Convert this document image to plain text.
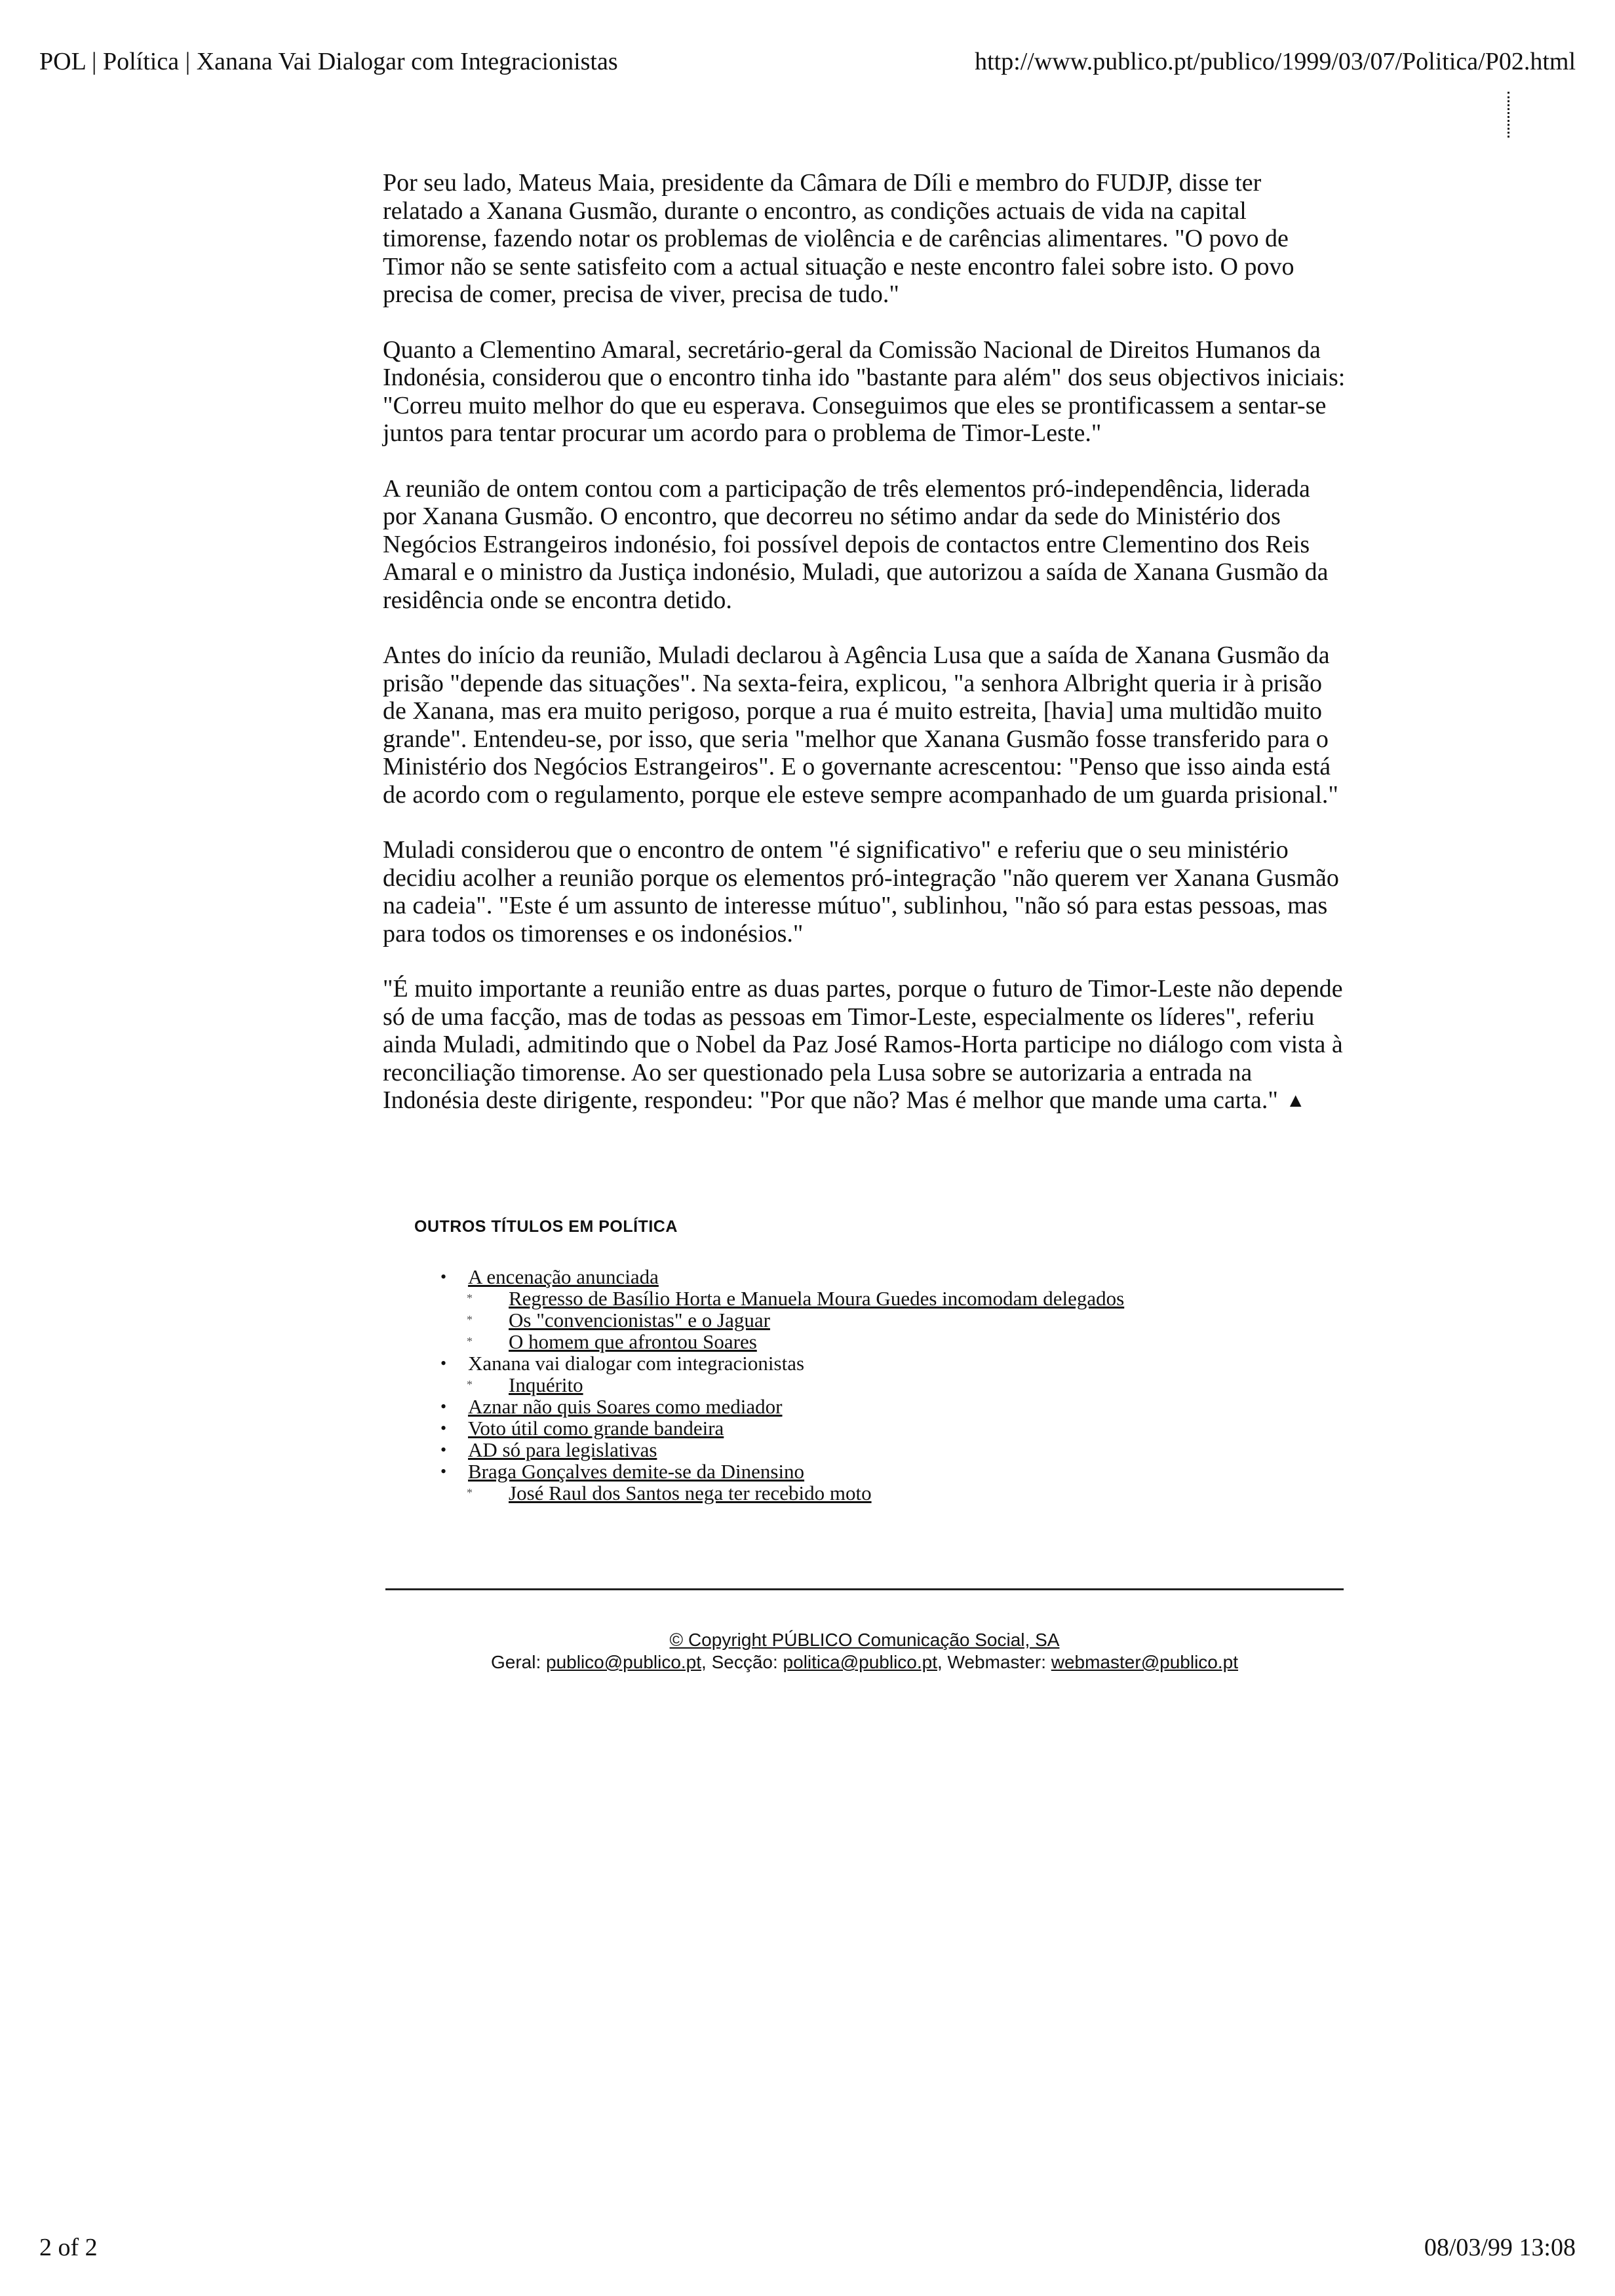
POL | Política | Xanana Vai Dialogar com Integracionistas	http://www.publico.pt/publico/1999/03/07/Politica/P02.html

Por seu lado, Mateus Maia, presidente da Câmara de Díli e membro do FUDJP, disse ter relatado a Xanana Gusmão, durante o encontro, as condições actuais de vida na capital timorense, fazendo notar os problemas de violência e de carências alimentares. "O povo de Timor não se sente satisfeito com a actual situação e neste encontro falei sobre isto. O povo precisa de comer, precisa de viver, precisa de tudo."

Quanto a Clementino Amaral, secretário-geral da Comissão Nacional de Direitos Humanos da Indonésia, considerou que o encontro tinha ido "bastante para além" dos seus objectivos iniciais: "Correu muito melhor do que eu esperava. Conseguimos que eles se prontificassem a sentar-se juntos para tentar procurar um acordo para o problema de Timor-Leste."

A reunião de ontem contou com a participação de três elementos pró-independência, liderada por Xanana Gusmão. O encontro, que decorreu no sétimo andar da sede do Ministério dos Negócios Estrangeiros indonésio, foi possível depois de contactos entre Clementino dos Reis Amaral e o ministro da Justiça indonésio, Muladi, que autorizou a saída de Xanana Gusmão da residência onde se encontra detido.

Antes do início da reunião, Muladi declarou à Agência Lusa que a saída de Xanana Gusmão da prisão "depende das situações". Na sexta-feira, explicou, "a senhora Albright queria ir à prisão de Xanana, mas era muito perigoso, porque a rua é muito estreita, [havia] uma multidão muito grande". Entendeu-se, por isso, que seria "melhor que Xanana Gusmão fosse transferido para o Ministério dos Negócios Estrangeiros". E o governante acrescentou: "Penso que isso ainda está de acordo com o regulamento, porque ele esteve sempre acompanhado de um guarda prisional."

Muladi considerou que o encontro de ontem "é significativo" e referiu que o seu ministério decidiu acolher a reunião porque os elementos pró-integração "não querem ver Xanana Gusmão na cadeia". "Este é um assunto de interesse mútuo", sublinhou, "não só para estas pessoas, mas para todos os timorenses e os indonésios."

"É muito importante a reunião entre as duas partes, porque o futuro de Timor-Leste não depende só de uma facção, mas de todas as pessoas em Timor-Leste, especialmente os líderes", referiu ainda Muladi, admitindo que o Nobel da Paz José Ramos-Horta participe no diálogo com vista à reconciliação timorense. Ao ser questionado pela Lusa sobre se autorizaria a entrada na Indonésia deste dirigente, respondeu: "Por que não? Mas é melhor que mande uma carta." ▲

OUTROS TÍTULOS EM POLÍTICA
• A encenação anunciada
* Regresso de Basílio Horta e Manuela Moura Guedes incomodam delegados
* Os "convencionistas" e o Jaguar
* O homem que afrontou Soares
• Xanana vai dialogar com integracionistas
* Inquérito
• Aznar não quis Soares como mediador
• Voto útil como grande bandeira
• AD só para legislativas
• Braga Gonçalves demite-se da Dinensino
* José Raul dos Santos nega ter recebido moto
© Copyright PÚBLICO Comunicação Social, SA
Geral: publico@publico.pt, Secção: politica@publico.pt, Webmaster: webmaster@publico.pt
2 of 2	08/03/99 13:08
